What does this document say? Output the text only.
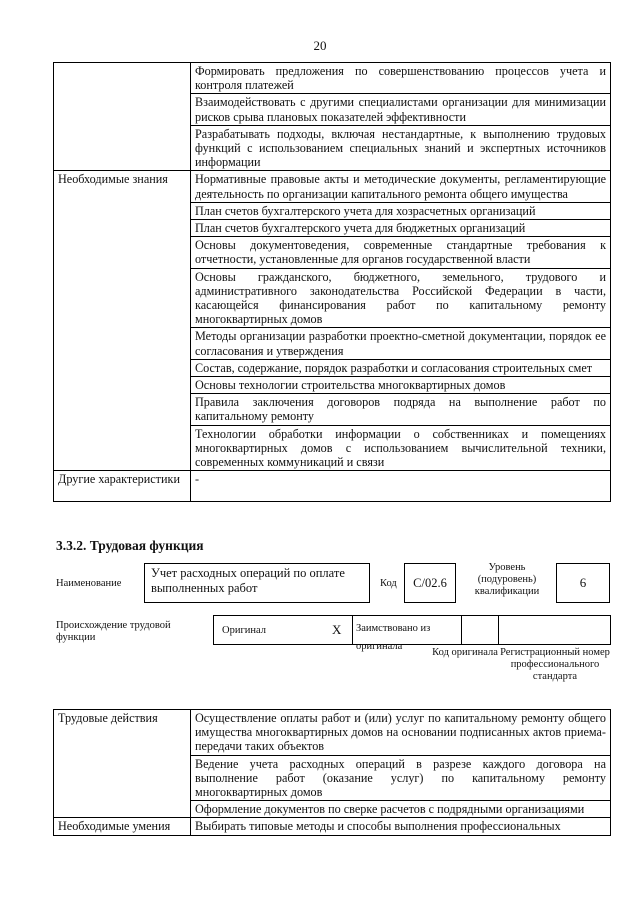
20
	Формировать предложения по совершенствованию процессов учета и контроля платежей
	Взаимодействовать с другими специалистами организации для минимизации рисков срыва плановых показателей эффективности
	Разрабатывать подходы, включая нестандартные, к выполнению трудовых функций с использованием специальных знаний и экспертных источников информации
Необходимые знания	Нормативные правовые акты и методические документы, регламентирующие деятельность по организации капитального ремонта общего имущества
	План счетов бухгалтерского учета для хозрасчетных организаций
	План счетов бухгалтерского учета для бюджетных организаций
	Основы документоведения, современные стандартные требования к отчетности, установленные для органов государственной власти
	Основы гражданского, бюджетного, земельного, трудового и административного законодательства Российской Федерации в части, касающейся финансирования работ по капитальному ремонту многоквартирных домов
	Методы организации разработки проектно-сметной документации, порядок ее согласования и утверждения
	Состав, содержание, порядок разработки и согласования строительных смет
	Основы технологии строительства многоквартирных домов
	Правила заключения договоров подряда на выполнение работ по капитальному ремонту
	Технологии обработки информации о собственниках и помещениях многоквартирных домов с использованием вычислительной техники, современных коммуникаций и связи
Другие характеристики	-
3.3.2. Трудовая функция
Наименование
Учет расходных операций по оплате выполненных работ	Код	С/02.6
Уровень (подуровень) квалификации
6
Происхождение трудовой функции
Оригинал	X	Заимствовано из оригинала
Код оригинала Регистрационный номер профессионального стандарта
Трудовые действия	Осуществление оплаты работ и (или) услуг по капитальному ремонту общего имущества многоквартирных домов на основании подписанных актов приема-передачи таких объектов
	Ведение учета расходных операций в разрезе каждого договора на выполнение работ (оказание услуг) по капитальному ремонту многоквартирных домов
	Оформление документов по сверке расчетов с подрядными организациями
Необходимые умения	Выбирать типовые методы и способы выполнения профессиональных
